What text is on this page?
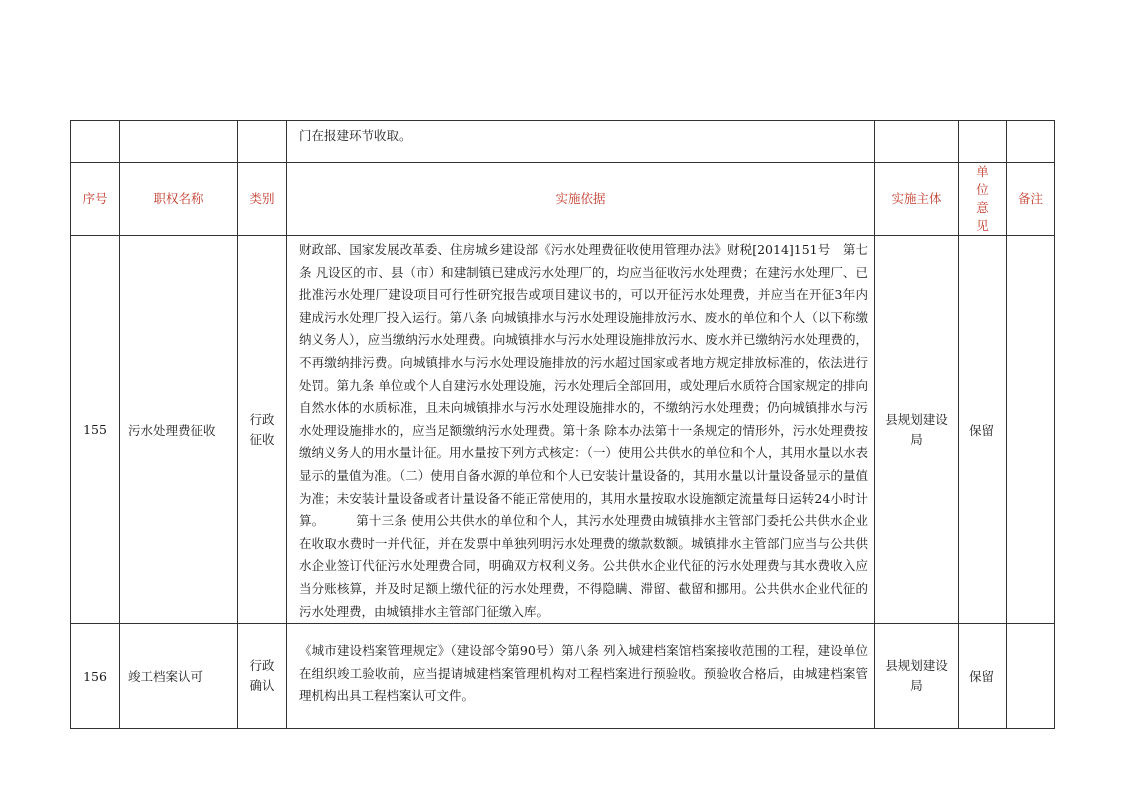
			门在报建环节收取。			
序号	职权名称	类别	实施依据	实施主体	单位意见	备注
155	污水处理费征收	行政征收	财政部、国家发展改革委、住房城乡建设部《污水处理费征收使用管理办法》财税[2014]151号　第七条 凡设区的市、县（市）和建制镇已建成污水处理厂的，均应当征收污水处理费；在建污水处理厂、已批准污水处理厂建设项目可行性研究报告或项目建议书的，可以开征污水处理费，并应当在开征3年内建成污水处理厂投入运行。第八条 向城镇排水与污水处理设施排放污水、废水的单位和个人（以下称缴纳义务人），应当缴纳污水处理费。向城镇排水与污水处理设施排放污水、废水并已缴纳污水处理费的，不再缴纳排污费。向城镇排水与污水处理设施排放的污水超过国家或者地方规定排放标准的，依法进行处罚。第九条 单位或个人自建污水处理设施，污水处理后全部回用，或处理后水质符合国家规定的排向自然水体的水质标准，且未向城镇排水与污水处理设施排水的，不缴纳污水处理费；仍向城镇排水与污水处理设施排水的，应当足额缴纳污水处理费。第十条 除本办法第十一条规定的情形外，污水处理费按缴纳义务人的用水量计征。用水量按下列方式核定：（一）使用公共供水的单位和个人，其用水量以水表显示的量值为准。（二）使用自备水源的单位和个人已安装计量设备的，其用水量以计量设备显示的量值为准；未安装计量设备或者计量设备不能正常使用的，其用水量按取水设施额定流量每日运转24小时计算。　　　第十三条 使用公共供水的单位和个人，其污水处理费由城镇排水主管部门委托公共供水企业在收取水费时一并代征，并在发票中单独列明污水处理费的缴款数额。城镇排水主管部门应当与公共供水企业签订代征污水处理费合同，明确双方权利义务。公共供水企业代征的污水处理费与其水费收入应当分账核算，并及时足额上缴代征的污水处理费，不得隐瞒、滞留、截留和挪用。公共供水企业代征的污水处理费，由城镇排水主管部门征缴入库。	县规划建设局	保留	
156	竣工档案认可	行政确认	《城市建设档案管理规定》（建设部令第90号）第八条 列入城建档案馆档案接收范围的工程，建设单位在组织竣工验收前，应当提请城建档案管理机构对工程档案进行预验收。预验收合格后，由城建档案管理机构出具工程档案认可文件。	县规划建设局	保留	
